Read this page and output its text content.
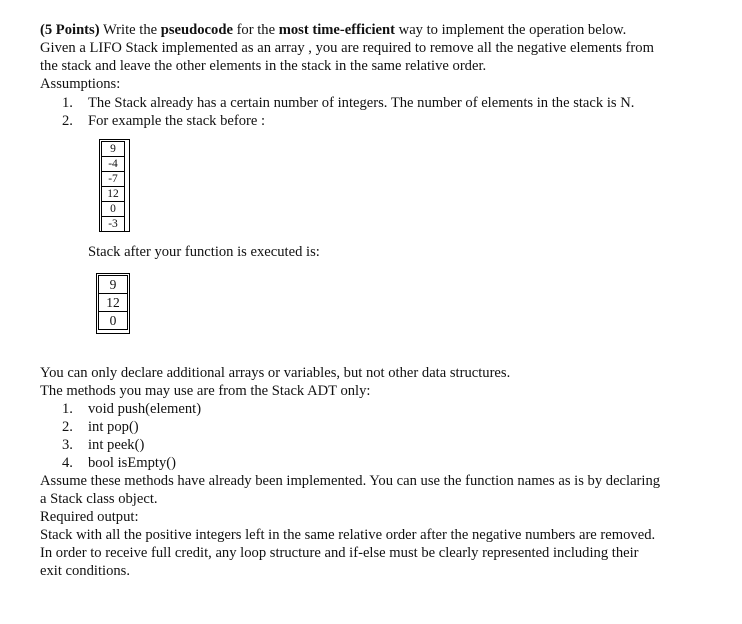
(5 Points) Write the pseudocode for the most time-efficient way to implement the operation below.
Given a LIFO Stack implemented as an array , you are required to remove all the negative elements from
the stack and leave the other elements in the stack in the same relative order.
Assumptions:
1. The Stack already has a certain number of integers. The number of elements in the stack is N.
2. For example the stack before :
9
-4
-7
12
0
-3
Stack after your function is executed is:
9
12
0
You can only declare additional arrays or variables, but not other data structures.
The methods you may use are from the Stack ADT only:
1. void push(element)
2. int pop()
3. int peek()
4. bool isEmpty()
Assume these methods have already been implemented. You can use the function names as is by declaring
a Stack class object.
Required output:
Stack with all the positive integers left in the same relative order after the negative numbers are removed.
In order to receive full credit, any loop structure and if-else must be clearly represented including their
exit conditions.
